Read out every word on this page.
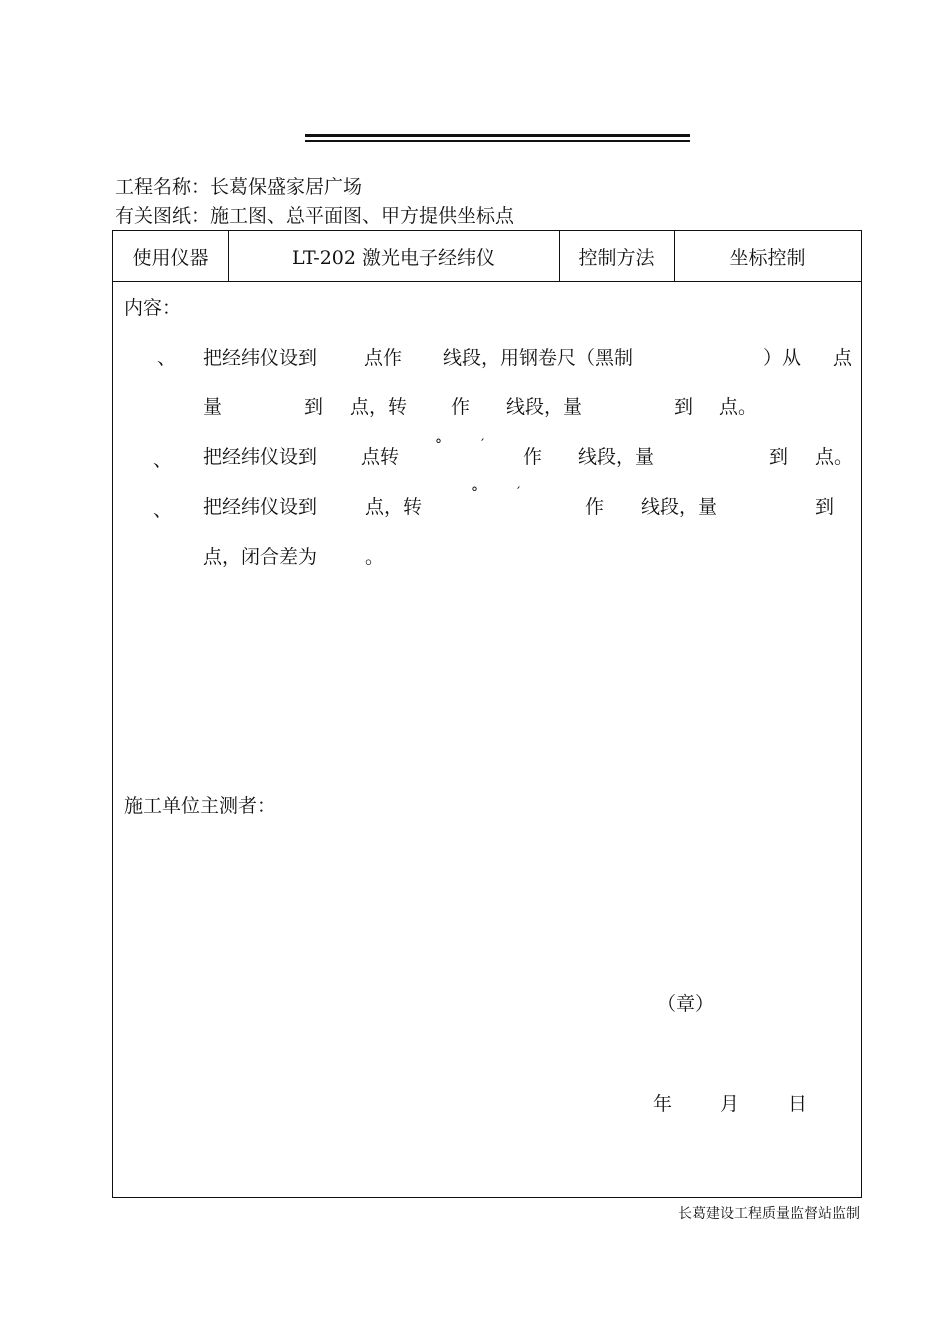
工程名称：长葛保盛家居广场
有关图纸：施工图、总平面图、甲方提供坐标点
使用仪器	LT-202 激光电子经纬仪	控制方法	坐标控制
内容：
、 把经纬仪设到 点作 线段，用钢卷尺（黑制	）从 点
量	到 点，转 作 线段，量	到 点。
、 把经纬仪设到 点转
°	′
作 线段，量	到 点。
、 把经纬仪设到	点，转
°	′
作 线段，量	到
点，闭合差为	。
施工单位主测者：
（章）
年	月	日
长葛建设工程质量监督站监制
